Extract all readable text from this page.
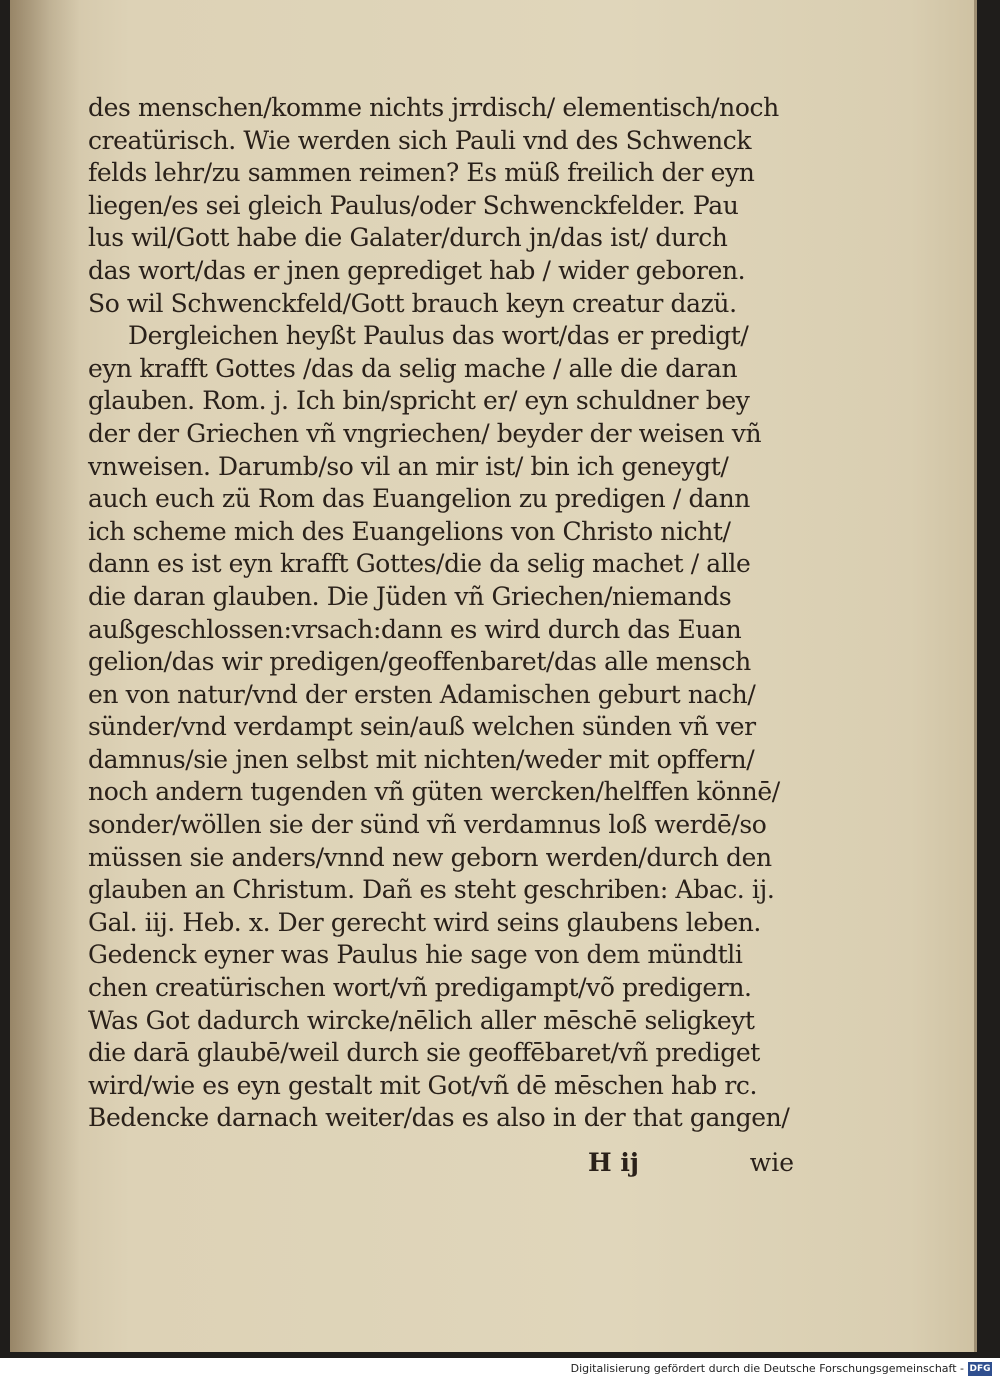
des menschen/komme nichts jrrdisch/ elementisch/noch
creatürisch. Wie werden sich Pauli vnd des Schwenck
felds lehr/zu sammen reimen? Es müß freilich der eyn
liegen/es sei gleich Paulus/oder Schwenckfelder. Pau
lus wil/Gott habe die Galater/durch jn/das ist/ durch
das wort/das er jnen geprediget hab / wider geboren.
So wil Schwenckfeld/Gott brauch keyn creatur dazü.
Dergleichen heyßt Paulus das wort/das er predigt/
eyn krafft Gottes /das da selig mache / alle die daran
glauben. Rom. j. Ich bin/spricht er/ eyn schuldner bey
der der Griechen vñ vngriechen/ beyder der weisen vñ
vnweisen. Darumb/so vil an mir ist/ bin ich geneygt/
auch euch zü Rom das Euangelion zu predigen / dann
ich scheme mich des Euangelions von Christo nicht/
dann es ist eyn krafft Gottes/die da selig machet / alle
die daran glauben. Die Jüden vñ Griechen/niemands
außgeschlossen:vrsach:dann es wird durch das Euan
gelion/das wir predigen/geoffenbaret/das alle mensch
en von natur/vnd der ersten Adamischen geburt nach/
sünder/vnd verdampt sein/auß welchen sünden vñ ver
damnus/sie jnen selbst mit nichten/weder mit opffern/
noch andern tugenden vñ güten wercken/helffen könnē/
sonder/wöllen sie der sünd vñ verdamnus loß werdē/so
müssen sie anders/vnnd new geborn werden/durch den
glauben an Christum. Dañ es steht geschriben: Abac. ij.
Gal. iij. Heb. x. Der gerecht wird seins glaubens leben.
Gedenck eyner was Paulus hie sage von dem mündtli
chen creatürischen wort/vñ predigampt/võ predigern.
Was Got dadurch wircke/nēlich aller mēschē seligkeyt
die darā glaubē/weil durch sie geoffēbaret/vñ prediget
wird/wie es eyn gestalt mit Got/vñ dē mēschen hab rc.
Bedencke darnach weiter/das es also in der that gangen/
H ij	wie
Digitalisierung gefördert durch die Deutsche Forschungsgemeinschaft - DFG
